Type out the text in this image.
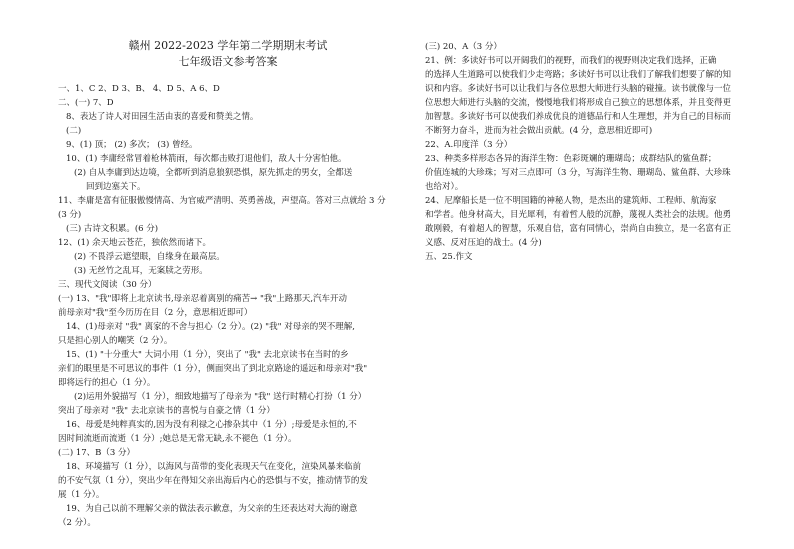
赣州 2022-2023 学年第二学期期末考试
七年级语文参考答案
一、1、C 2、D 3、B、 4、D 5、A 6、D
二、(一) 7、D
8、表达了诗人对田园生活由衷的喜爱和赞美之情。
(二)
9、(1) 顶； (2) 多次； (3) 曾经。
10、(1) 李庸经常冒着枪林箭雨，每次都击败打退他们，敌人十分害怕他。
(2) 自从李庸到达边境，全都听到消息狼狈恐惧，原先抓走的男女，全都送
回到边塞关下。
11、李庸是富有征服傲慢情高、为官威严清明、英勇善战，声望高。答对三点就给 3 分
(3 分)
(三) 古诗文积累。(6 分)
12、(1) 余天地云苍茫，独依然而诸下。
(2) 不畏浮云遮望眼，自缘身在最高层。
(3) 无丝竹之乱耳，无案牍之劳形。
三、现代文阅读（30 分）
(一) 13、"我"即将上北京读书,母亲忍着离别的痛苦→ "我"上路那天,汽车开动
前母亲对"我"至今历历在目（2 分，意思相近即可）
14、(1)母亲对 "我" 离家的不舍与担心（2 分）。(2) "我" 对母亲的哭不理解,
只是担心别人的嘲笑（2 分）。
15、(1) "十分重大" 大词小用（1 分），突出了 "我" 去北京读书在当时的乡
亲们的眼里是不可思议的事件（1 分），侧面突出了到北京路途的遥远和母亲对"我"
即将远行的担心（1 分）。
(2)运用外貌描写（1 分），细致地描写了母亲为 "我" 送行时精心打扮（1 分）
突出了母亲对 "我" 去北京读书的喜悦与自豪之情（1 分）
16、母爱是纯粹真实的,因为没有利禄之心掺杂其中（1 分）;母爱是永恒的,不
因时间流逝而流逝（1 分）;她总是无常无缺,永不褪色（1 分）。
(二) 17、B（3 分）
18、环境描写（1 分），以海风与苗带的变化表现天气在变化，渲染风暴来临前
的不安气氛（1 分），突出少年在得知父亲出海后内心的恐惧与不安，推动情节的发
展（1 分）。
19、为自己以前不理解父亲的做法表示歉意，为父亲的生还表达对大海的谢意
（2 分）。
(三) 20、A（3 分）
21、例：多读好书可以开阔我们的视野，而我们的视野则决定我们选择，正确
的选择人生道路可以使我们少走弯路；多读好书可以让我们了解我们想要了解的知
识和内容。多读好书可以让我们与各位思想大师进行头脑的碰撞。读书就像与一位
位思想大师进行头脑的交流，慢慢地我们将形成自己独立的思想体系，并且变得更
加智慧。多读好书可以使我们养成优良的道德品行和人生理想，并为自己的目标而
不断努力奋斗，进而为社会做出贡献。(4 分，意思相近即可)
22、A.印度洋（3 分）
23、种类多样形态各异的海洋生物：色彩斑斓的珊瑚岛；成群结队的鲨鱼群；
价值连城的大珍珠；写对三点即可（3 分，写海洋生物、珊瑚岛、鲨鱼群、大珍珠
也给对）。
24、尼摩船长是一位不明国籍的神秘人物，是杰出的建筑师、工程师、航海家
和学者。他身材高大，目光犀利，有着哲人般的沉静，蔑视人类社会的法规。他勇
敢刚毅，有着超人的智慧，乐观自信，富有同情心，崇尚自由独立，是一名富有正
义感、反对压迫的战士。(4 分)
五、25.作文
